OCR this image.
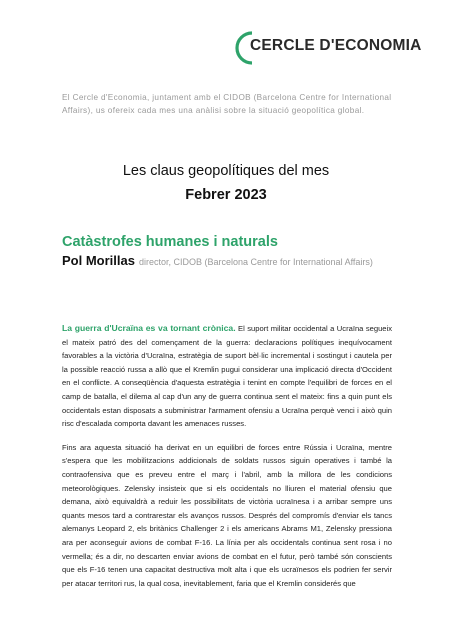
CERCLE D'ECONOMIA
El Cercle d'Economia, juntament amb el CIDOB (Barcelona Centre for International Affairs), us ofereix cada mes una anàlisi sobre la situació geopolítica global.
Les claus geopolítiques del mes
Febrer 2023
Catàstrofes humanes i naturals
Pol Morillas director, CIDOB (Barcelona Centre for International Affairs)

La guerra d'Ucraïna es va tornant crònica. El suport militar occidental a Ucraïna segueix el mateix patró des del començament de la guerra: declaracions polítiques inequívocament favorables a la victòria d'Ucraïna, estratègia de suport bèl·lic incremental i sostingut i cautela per la possible reacció russa a allò que el Kremlin pugui considerar una implicació directa d'Occident en el conflicte. A conseqüència d'aquesta estratègia i tenint en compte l'equilibri de forces en el camp de batalla, el dilema al cap d'un any de guerra continua sent el mateix: fins a quin punt els occidentals estan disposats a subministrar l'armament ofensiu a Ucraïna perquè venci i això quin risc d'escalada comporta davant les amenaces russes.

Fins ara aquesta situació ha derivat en un equilibri de forces entre Rússia i Ucraïna, mentre s'espera que les mobilitzacions addicionals de soldats russos siguin operatives i també la contraofensiva que es preveu entre el març i l'abril, amb la millora de les condicions meteorològiques. Zelensky insisteix que si els occidentals no lliuren el material ofensiu que demana, això equivaldrà a reduir les possibilitats de victòria ucraïnesa i a arribar sempre uns quants mesos tard a contrarestar els avanços russos. Després del compromís d'enviar els tancs alemanys Leopard 2, els britànics Challenger 2 i els americans Abrams M1, Zelensky pressiona ara per aconseguir avions de combat F-16. La línia per als occidentals continua sent rosa i no vermella; és a dir, no descarten enviar avions de combat en el futur, però també són conscients que els F-16 tenen una capacitat destructiva molt alta i que els ucraïnesos els podrien fer servir per atacar territori rus, la qual cosa, inevitablement, faria que el Kremlin considerés que
